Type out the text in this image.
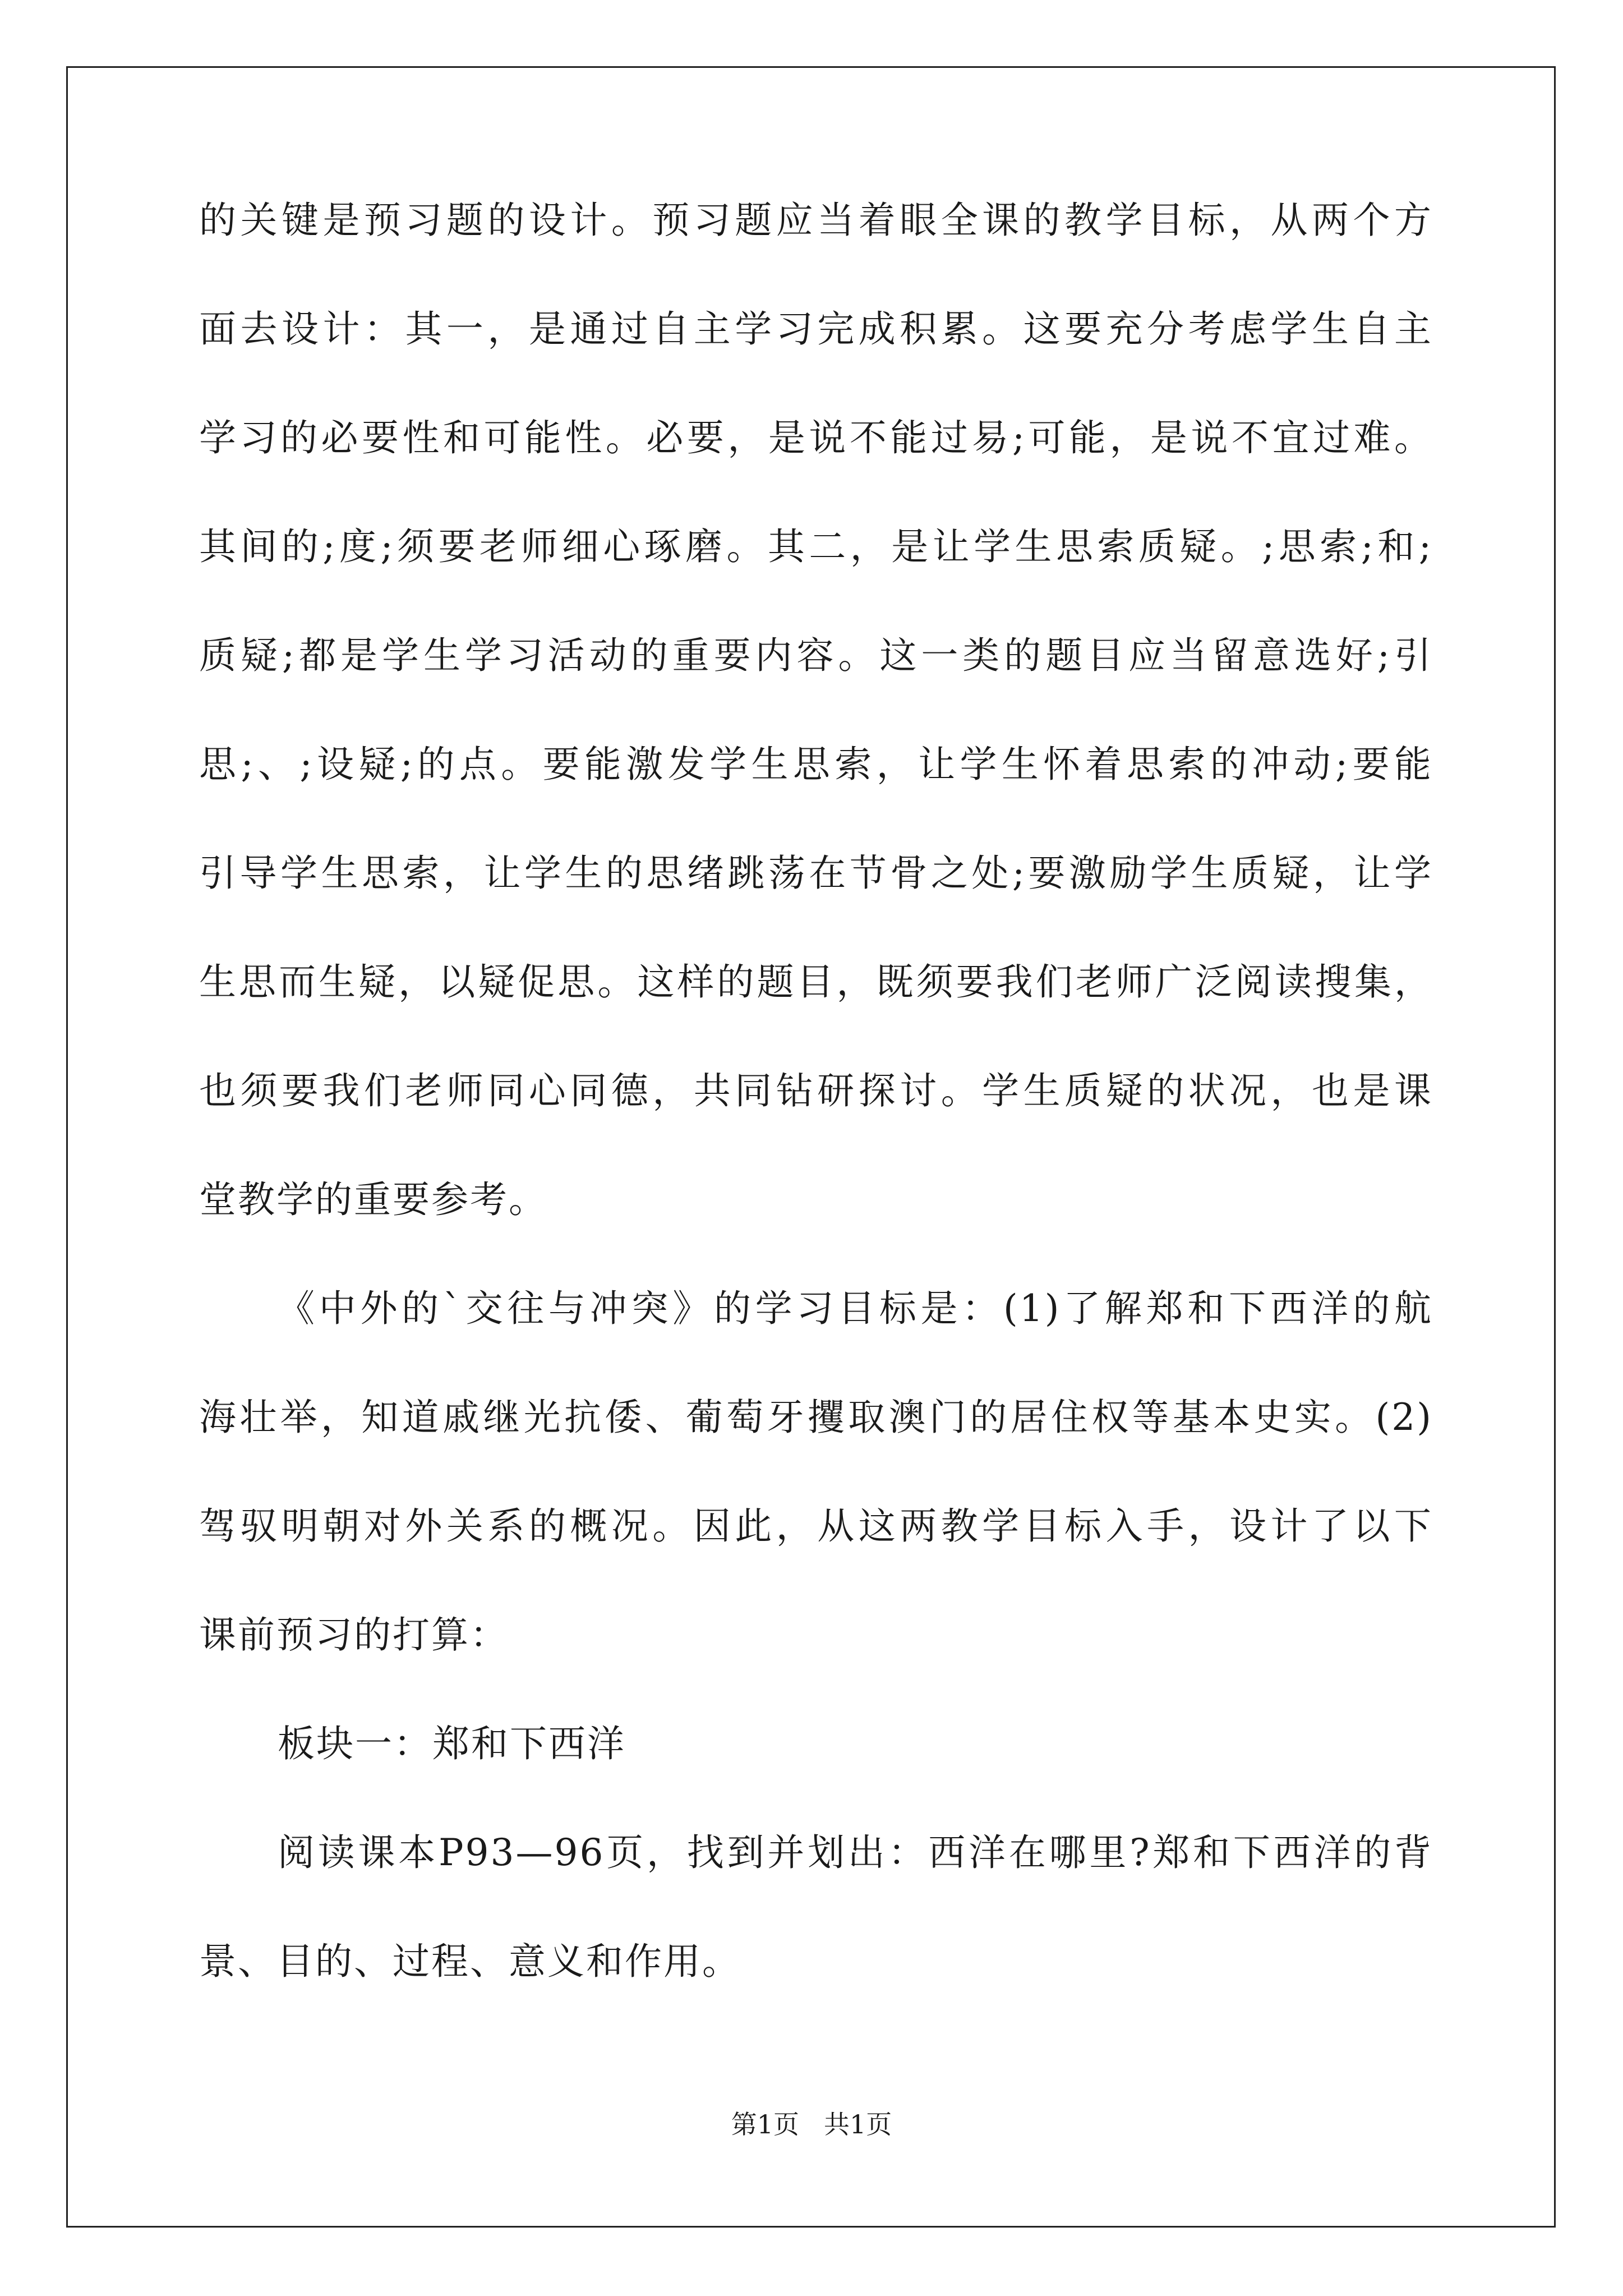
的关键是预习题的设计。预习题应当着眼全课的教学目标，从两个方
面去设计：其一，是通过自主学习完成积累。这要充分考虑学生自主
学习的必要性和可能性。必要，是说不能过易;可能，是说不宜过难。
其间的;度;须要老师细心琢磨。其二，是让学生思索质疑。;思索;和;
质疑;都是学生学习活动的重要内容。这一类的题目应当留意选好;引
思;、;设疑;的点。要能激发学生思索，让学生怀着思索的冲动;要能
引导学生思索，让学生的思绪跳荡在节骨之处;要激励学生质疑，让学
生思而生疑，以疑促思。这样的题目，既须要我们老师广泛阅读搜集，
也须要我们老师同心同德，共同钻研探讨。学生质疑的状况，也是课
堂教学的重要参考。
《中外的`交往与冲突》的学习目标是：(1)了解郑和下西洋的航
海壮举，知道戚继光抗倭、葡萄牙攫取澳门的居住权等基本史实。(2)
驾驭明朝对外关系的概况。因此，从这两教学目标入手，设计了以下
课前预习的打算：
板块一：郑和下西洋
阅读课本P93—96页，找到并划出：西洋在哪里?郑和下西洋的背
景、目的、过程、意义和作用。
第1页 共1页
